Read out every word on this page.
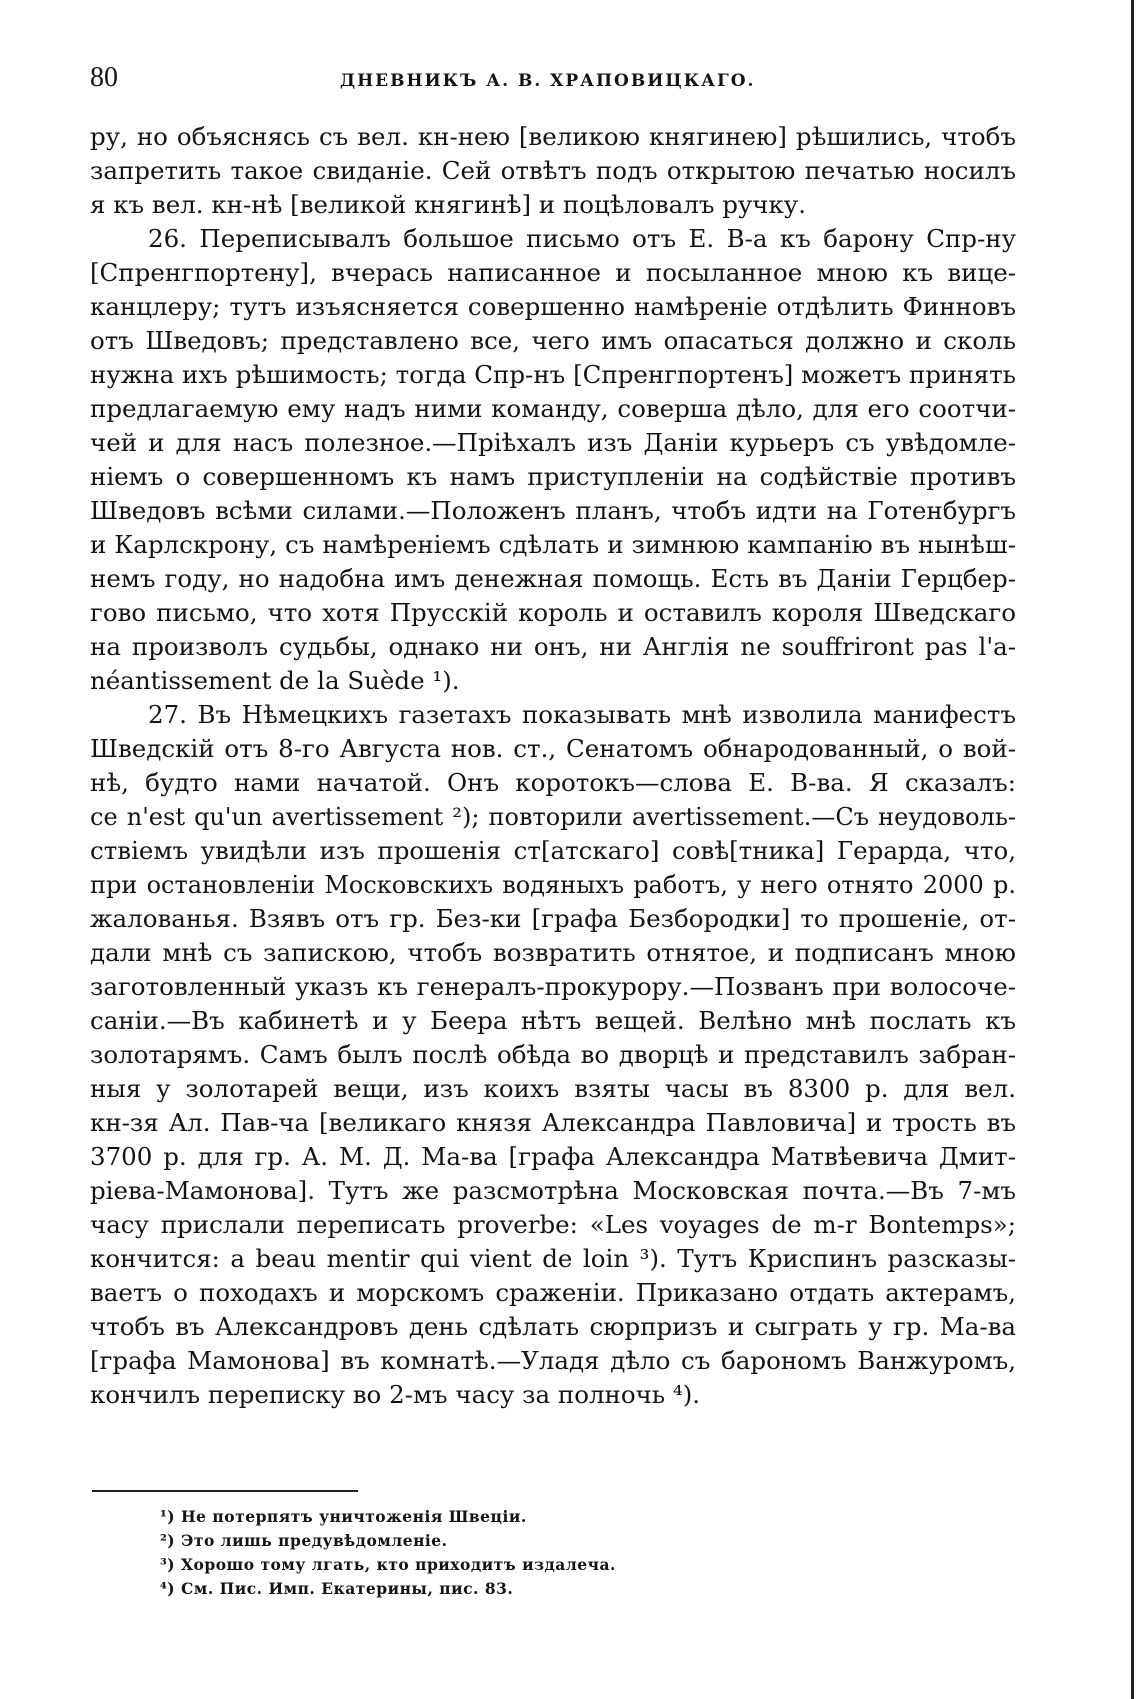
80	ДНЕВНИКЪ А. В. ХРАПОВИЦКАГО.
ру, но объяснясь съ вел. кн-нею [великою княгинею] рѣшились, чтобъ
запретить такое свиданіе. Сей отвѣтъ подъ открытою печатью носилъ
я къ вел. кн-нѣ [великой княгинѣ] и поцѣловалъ ручку.
26. Переписывалъ большое письмо отъ Е. В-а къ барону Спр-ну
[Спренгпортену], вчерась написанное и посыланное мною къ вице-
канцлеру; тутъ изъясняется совершенно намѣреніе отдѣлить Финновъ
отъ Шведовъ; представлено все, чего имъ опасаться должно и сколь
нужна ихъ рѣшимость; тогда Спр-нъ [Спренгпортенъ] можетъ принять
предлагаемую ему надъ ними команду, соверша дѣло, для его соотчи-
чей и для насъ полезное.—Пріѣхалъ изъ Даніи курьеръ съ увѣдомле-
ніемъ о совершенномъ къ намъ приступленіи на содѣйствіе противъ
Шведовъ всѣми силами.—Положенъ планъ, чтобъ идти на Готенбургъ
и Карлскрону, съ намѣреніемъ сдѣлать и зимнюю кампанію въ нынѣш-
немъ году, но надобна имъ денежная помощь. Есть въ Даніи Герцбер-
гово письмо, что хотя Прусскій король и оставилъ короля Шведскаго
на произволъ судьбы, однако ни онъ, ни Англія ne souffriront pas l'a-
néantissement de la Suède ¹).
27. Въ Нѣмецкихъ газетахъ показывать мнѣ изволила манифестъ
Шведскій отъ 8-го Августа нов. ст., Сенатомъ обнародованный, о вой-
нѣ, будто нами начатой. Онъ коротокъ—слова Е. В-ва. Я сказалъ:
ce n'est qu'un avertissement ²); повторили avertissement.—Съ неудоволь-
ствіемъ увидѣли изъ прошенія ст[атскаго] совѣ[тника] Герарда, что,
при остановленіи Московскихъ водяныхъ работъ, у него отнято 2000 р.
жалованья. Взявъ отъ гр. Без-ки [графа Безбородки] то прошеніе, от-
дали мнѣ съ запискою, чтобъ возвратить отнятое, и подписанъ мною
заготовленный указъ къ генералъ-прокурору.—Позванъ при волосоче-
саніи.—Въ кабинетѣ и у Беера нѣтъ вещей. Велѣно мнѣ послать къ
золотарямъ. Самъ былъ послѣ обѣда во дворцѣ и представилъ забран-
ныя у золотарей вещи, изъ коихъ взяты часы въ 8300 р. для вел.
кн-зя Ал. Пав-ча [великаго князя Александра Павловича] и трость въ
3700 р. для гр. А. М. Д. Ма-ва [графа Александра Матвѣевича Дмит-
ріева-Мамонова]. Тутъ же разсмотрѣна Московская почта.—Въ 7-мъ
часу прислали переписать proverbe: «Les voyages de m-r Bontemps»;
кончится: a beau mentir qui vient de loin ³). Тутъ Криспинъ разсказы-
ваетъ о походахъ и морскомъ сраженіи. Приказано отдать актерамъ,
чтобъ въ Александровъ день сдѣлать сюрпризъ и сыграть у гр. Ма-ва
[графа Мамонова] въ комнатѣ.—Уладя дѣло съ барономъ Ванжуромъ,
кончилъ переписку во 2-мъ часу за полночь ⁴).
¹) Не потерпятъ уничтоженія Швеціи.
²) Это лишь предувѣдомленіе.
³) Хорошо тому лгать, кто приходитъ издалеча.
⁴) См. Пис. Имп. Екатерины, пис. 83.
